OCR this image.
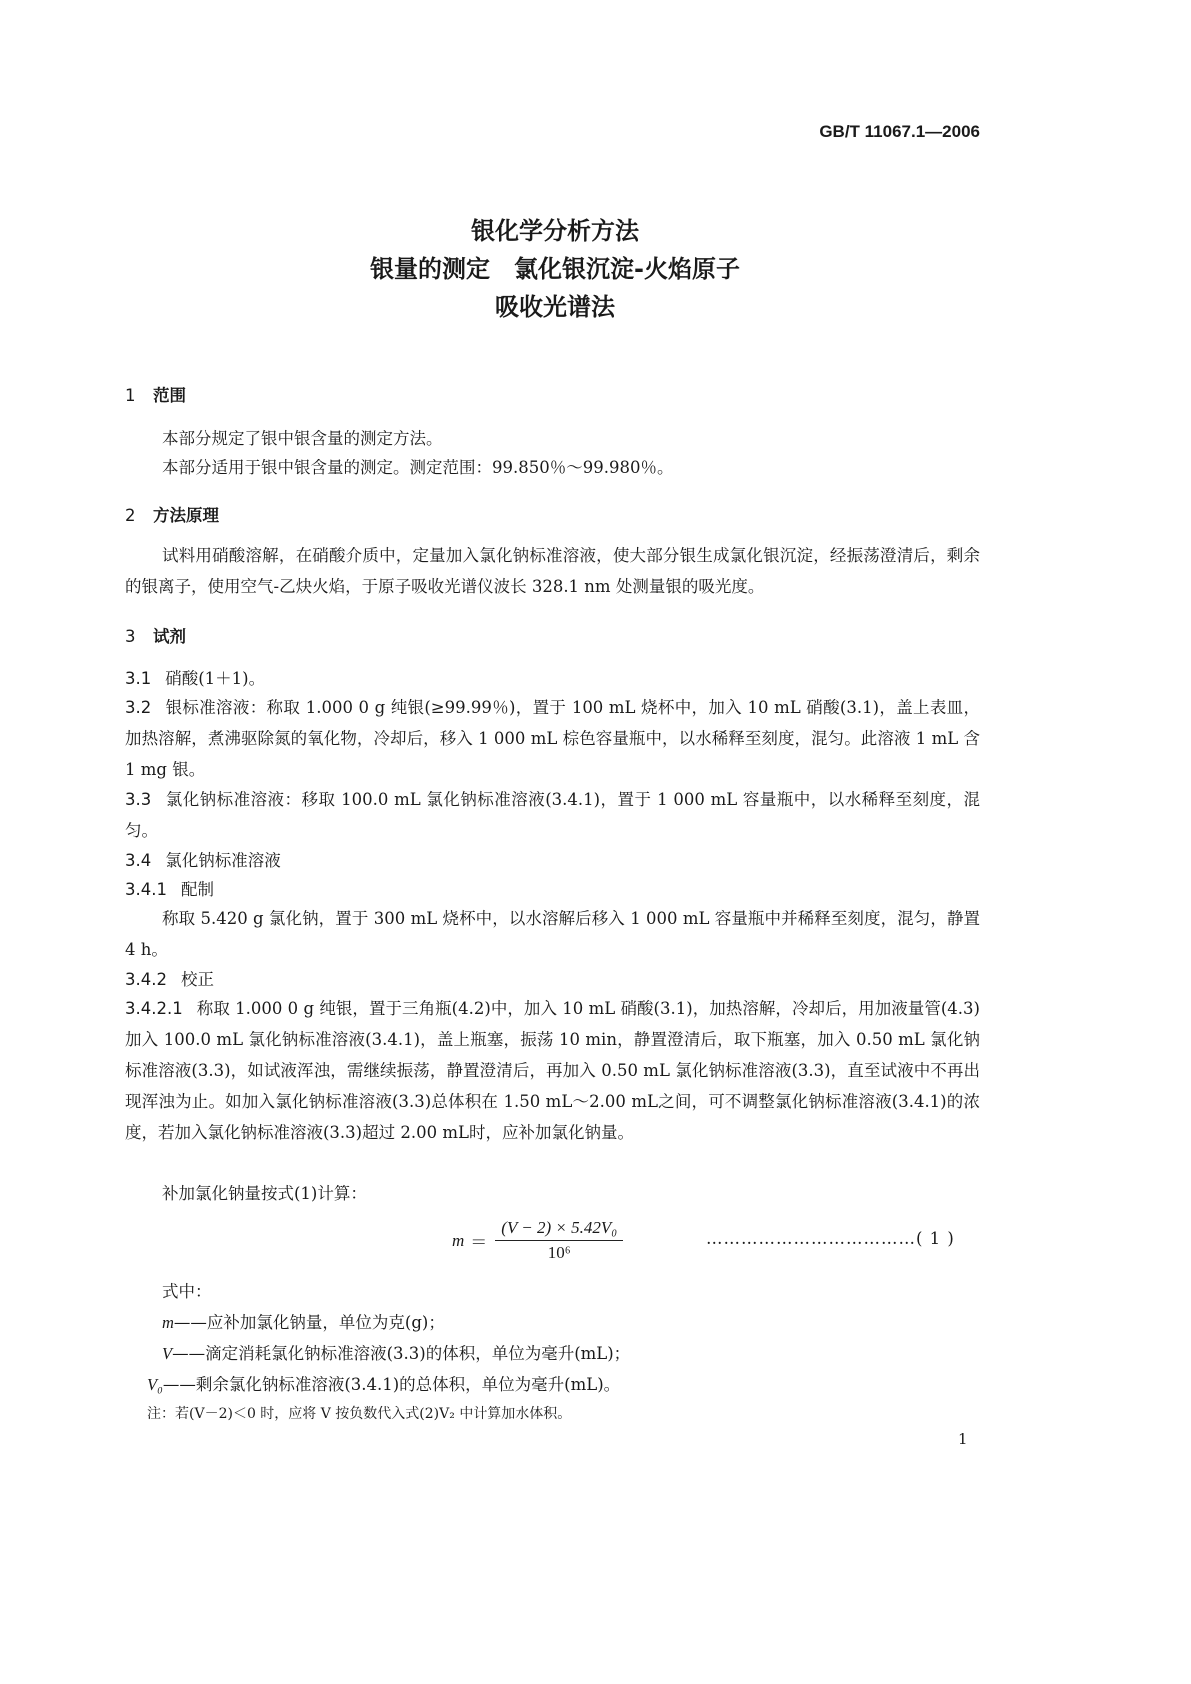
GB/T 11067.1—2006
银化学分析方法
银量的测定　氯化银沉淀-火焰原子
吸收光谱法
1 范围
本部分规定了银中银含量的测定方法。
本部分适用于银中银含量的测定。测定范围：99.850％～99.980％。
2 方法原理
试料用硝酸溶解，在硝酸介质中，定量加入氯化钠标准溶液，使大部分银生成氯化银沉淀，经振荡澄清后，剩余的银离子，使用空气-乙炔火焰，于原子吸收光谱仪波长 328.1 nm 处测量银的吸光度。
3 试剂
3.1 硝酸(1＋1)。
3.2 银标准溶液：称取 1.000 0 g 纯银(≥99.99％)，置于 100 mL 烧杯中，加入 10 mL 硝酸(3.1)，盖上表皿，加热溶解，煮沸驱除氮的氧化物，冷却后，移入 1 000 mL 棕色容量瓶中，以水稀释至刻度，混匀。此溶液 1 mL 含 1 mg 银。
3.3 氯化钠标准溶液：移取 100.0 mL 氯化钠标准溶液(3.4.1)，置于 1 000 mL 容量瓶中，以水稀释至刻度，混匀。
3.4 氯化钠标准溶液
3.4.1 配制
称取 5.420 g 氯化钠，置于 300 mL 烧杯中，以水溶解后移入 1 000 mL 容量瓶中并稀释至刻度，混匀，静置 4 h。
3.4.2 校正
3.4.2.1 称取 1.000 0 g 纯银，置于三角瓶(4.2)中，加入 10 mL 硝酸(3.1)，加热溶解，冷却后，用加液量管(4.3)加入 100.0 mL 氯化钠标准溶液(3.4.1)，盖上瓶塞，振荡 10 min，静置澄清后，取下瓶塞，加入 0.50 mL 氯化钠标准溶液(3.3)，如试液浑浊，需继续振荡，静置澄清后，再加入 0.50 mL 氯化钠标准溶液(3.3)，直至试液中不再出现浑浊为止。如加入氯化钠标准溶液(3.3)总体积在 1.50 mL～2.00 mL之间，可不调整氯化钠标准溶液(3.4.1)的浓度，若加入氯化钠标准溶液(3.3)超过 2.00 mL时，应补加氯化钠量。
补加氯化钠量按式(1)计算：
$m = \frac{\text{(V − 2) × 5.42V₀}}{\text{10⁶}}$	………………………………( 1 )
式中：
m——应补加氯化钠量，单位为克(g)；
V——滴定消耗氯化钠标准溶液(3.3)的体积，单位为毫升(mL)；
V₀——剩余氯化钠标准溶液(3.4.1)的总体积，单位为毫升(mL)。
注：若(V－2)＜0 时，应将 V 按负数代入式(2)V₂ 中计算加水体积。
1
